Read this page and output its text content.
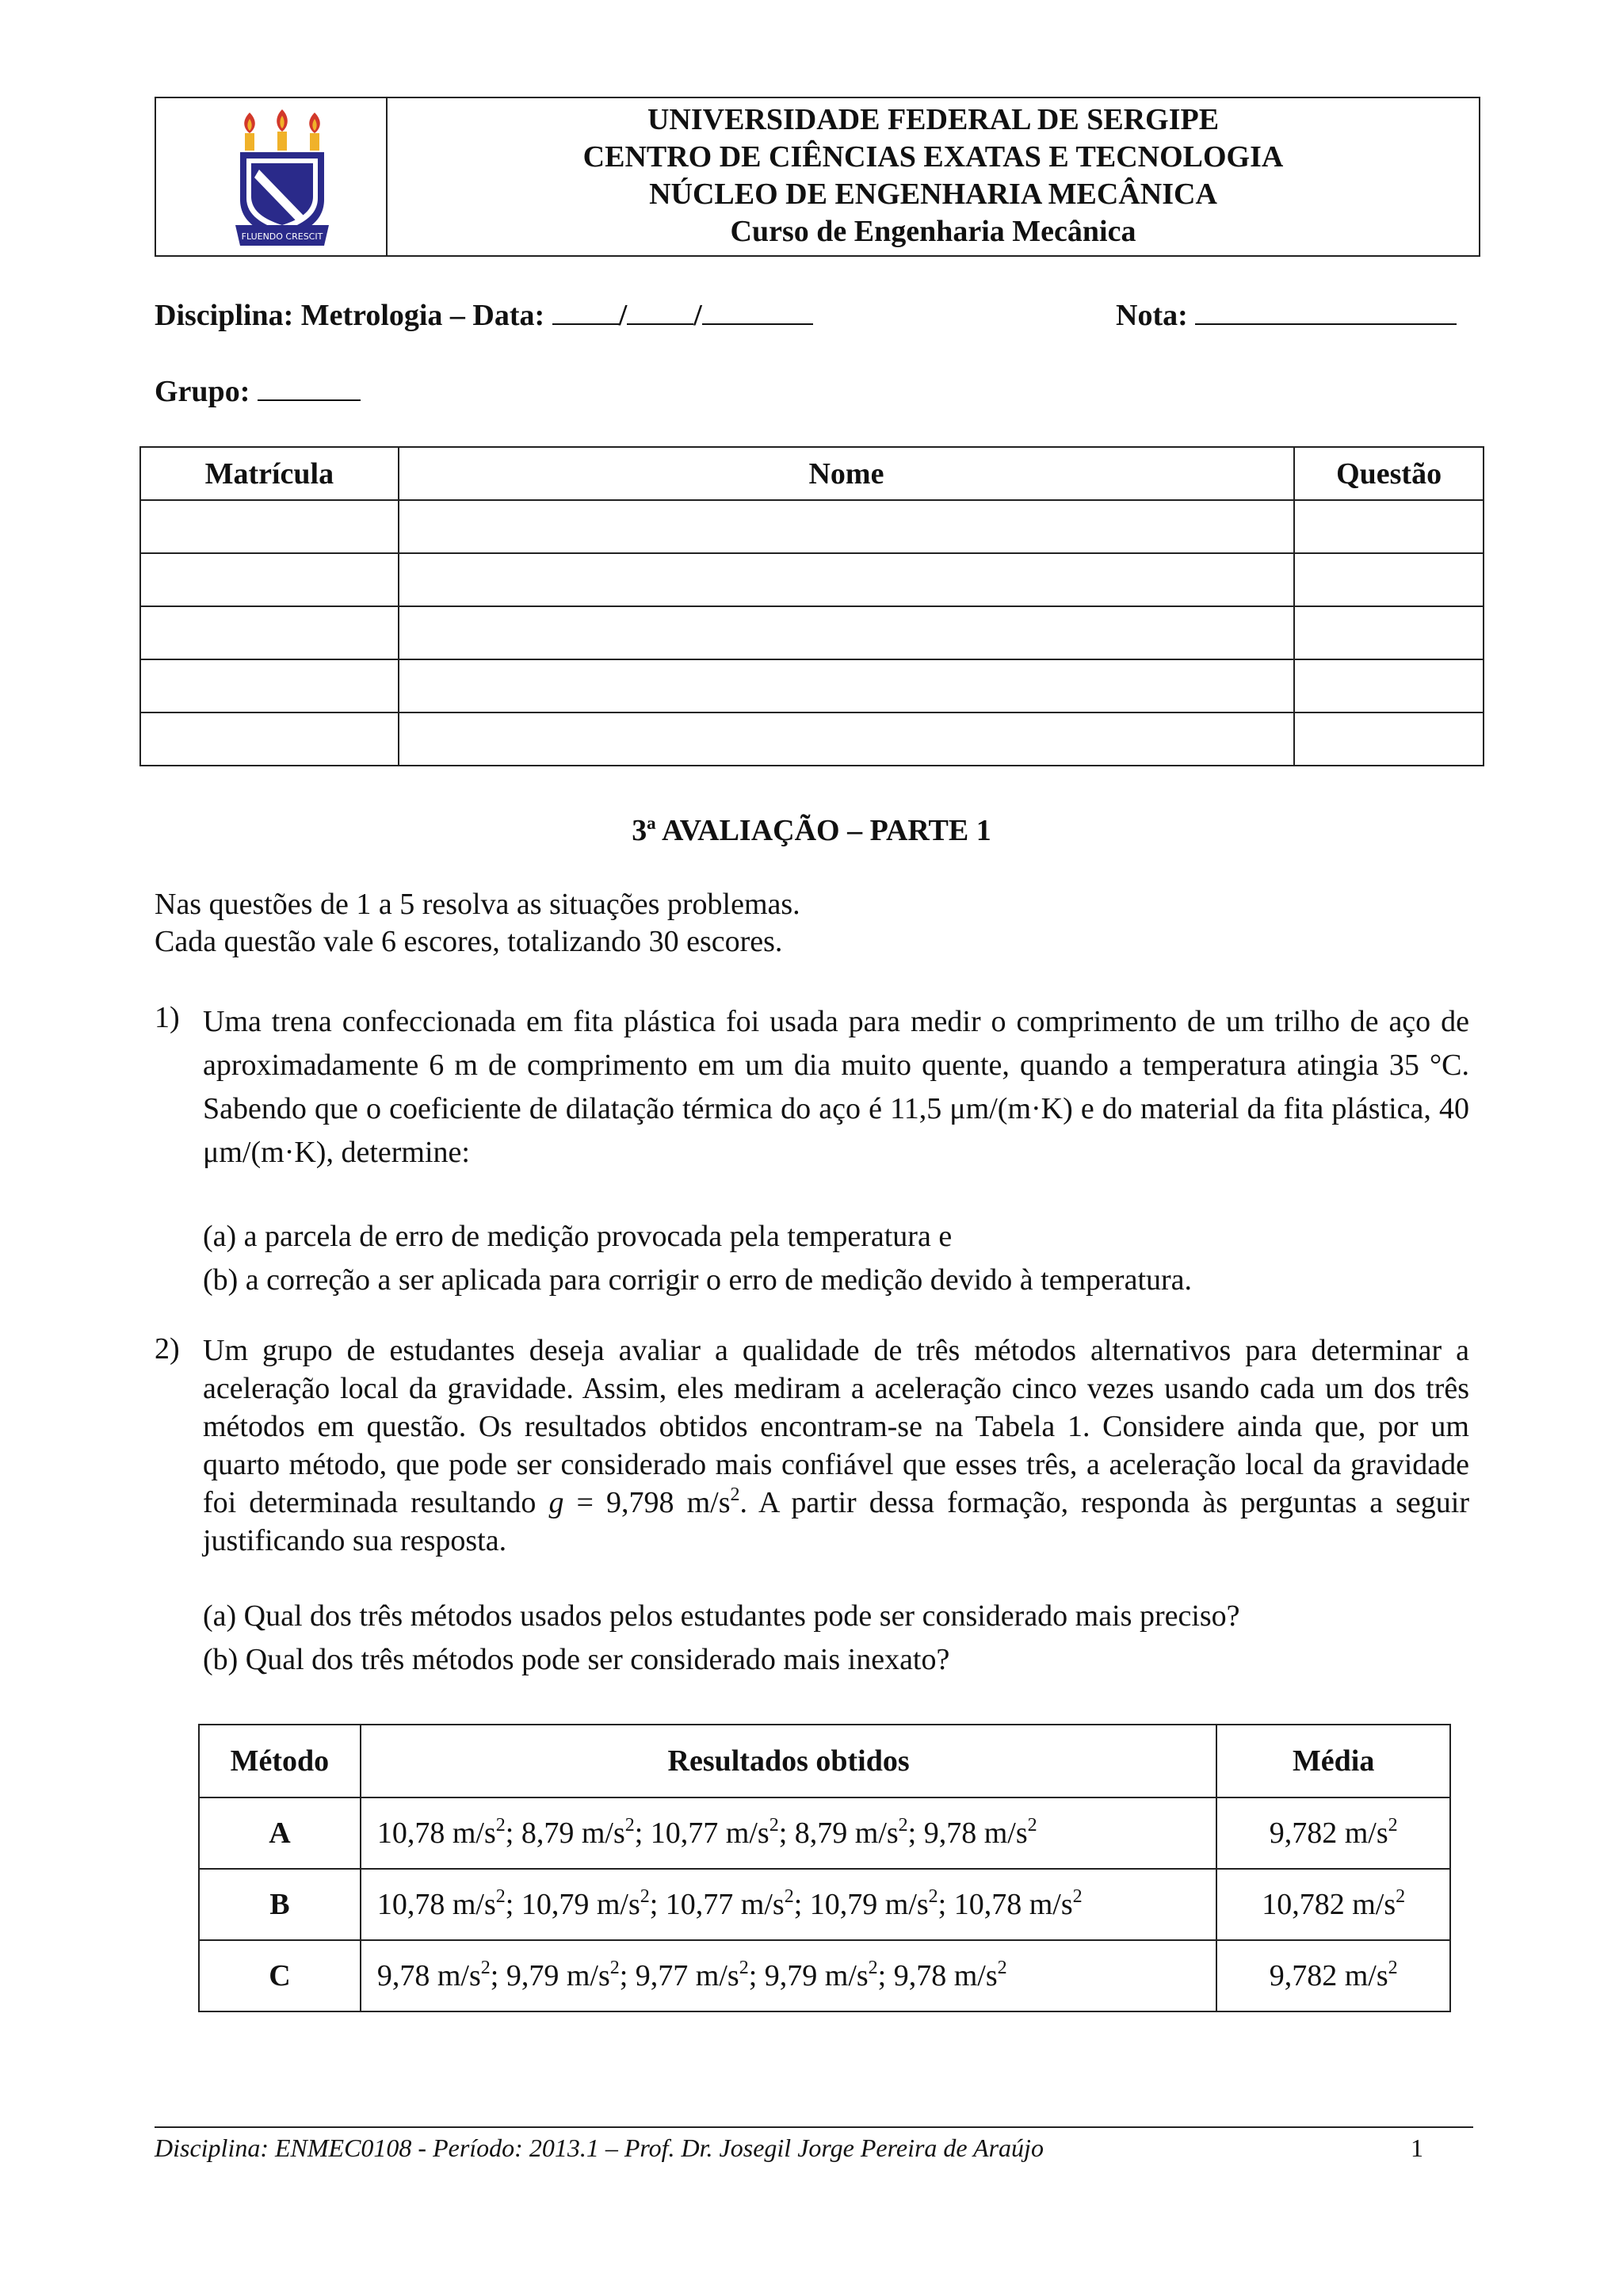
FLUENDO CRESCIT
UNIVERSIDADE FEDERAL DE SERGIPE
CENTRO DE CIÊNCIAS EXATAS E TECNOLOGIA
NÚCLEO DE ENGENHARIA MECÂNICA
Curso de Engenharia Mecânica
Disciplina: Metrologia – Data: / /	Nota:
Grupo:
Matrícula	Nome	Questão

3ª AVALIAÇÃO – PARTE 1
Nas questões de 1 a 5 resolva as situações problemas.
Cada questão vale 6 escores, totalizando 30 escores.
1) Uma trena confeccionada em fita plástica foi usada para medir o comprimento de um trilho de aço de aproximadamente 6 m de comprimento em um dia muito quente, quando a temperatura atingia 35 °C. Sabendo que o coeficiente de dilatação térmica do aço é 11,5 μm/(m·K) e do material da fita plástica, 40 μm/(m·K), determine:
(a) a parcela de erro de medição provocada pela temperatura e
(b) a correção a ser aplicada para corrigir o erro de medição devido à temperatura.
2) Um grupo de estudantes deseja avaliar a qualidade de três métodos alternativos para determinar a aceleração local da gravidade. Assim, eles mediram a aceleração cinco vezes usando cada um dos três métodos em questão. Os resultados obtidos encontram-se na Tabela 1. Considere ainda que, por um quarto método, que pode ser considerado mais confiável que esses três, a aceleração local da gravidade foi determinada resultando g = 9,798 $m/s^2$. A partir dessa formação, responda às perguntas a seguir justificando sua resposta.
(a) Qual dos três métodos usados pelos estudantes pode ser considerado mais preciso?
(b) Qual dos três métodos pode ser considerado mais inexato?
Método	Resultados obtidos	Média
A	10,78 $m/s^2$; 8,79 $m/s^2$; 10,77 $m/s^2$; 8,79 $m/s^2$; 9,78 $m/s^2$	9,782 $m/s^2$
B	10,78 $m/s^2$; 10,79 $m/s^2$; 10,77 $m/s^2$; 10,79 $m/s^2$; 10,78 $m/s^2$	10,782 $m/s^2$
C	9,78 $m/s^2$; 9,79 $m/s^2$; 9,77 $m/s^2$; 9,79 $m/s^2$; 9,78 $m/s^2$	9,782 $m/s^2$
Disciplina: ENMEC0108 - Período: 2013.1 – Prof. Dr. Josegil Jorge Pereira de Araújo	1
